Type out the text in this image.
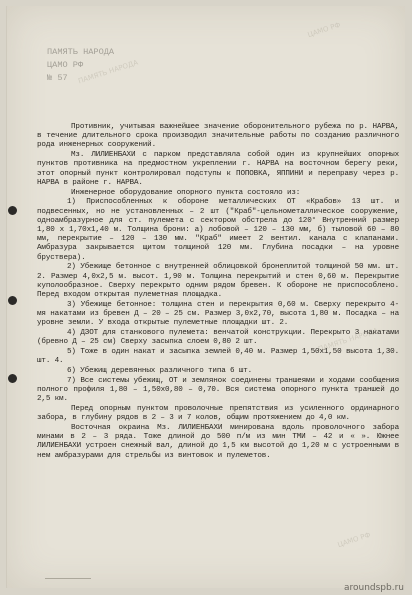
ПАМЯТЬ НАРОДА
ЦАМО РФ
№ 57	ПАМЯТЬ НАРОДА
ЦАМО РФ
ПАМЯТЬ НАРОДА
ЦАМО РФ

Противник, учитывая важнейшее значение оборонительного рубежа по р. НАРВА, в течение длительного срока производил значительные работы по созданию различного рода инженерных сооружений.

Мз. ЛИЛИЕНБАХИ с парком представляла собой один из крупнейших опорных пунктов противника на предмостном укреплении г. НАРВА на восточном берегу реки, этот опорный пункт контролировал подступы к ПОПОВКА, ЯППИНИ и переправу через р. НАРВА в районе г. НАРВА.

Инженерное оборудование опорного пункта состояло из:

1) Приспособленных к обороне металлических ОТ «Крабов» 13 шт. и подвесенных, но не установленных – 2 шт ("Краб"-цельнометаллическое сооружение, одноамбразурное для ст. пулемета с сектором обстрела до 120° Внутренний размер 1,80 х 1,70х1,40 м. Толщина брони: а) лобовой – 120 – 130 мм, б) тыловой 60 – 80 мм, перекрытие – 120 – 130 мм. "Краб" имеет 2 вентил. канала с клапанами. Амбразура закрывается щитом толщиной 120 мм. Глубина посадки – на уровне бруствера).

2) Убежище бетонное с внутренней облицовкой бронеплитой толщиной 50 мм. шт. 2. Размер 4,0х2,5 м. высот. 1,90 м. Толщина перекрытий и стен 0,60 м. Перекрытие куполообразное. Сверху перекрыто одним рядом бревен. К обороне не приспособлено. Перед входом открытая пулеметная площадка.

3) Убежище бетонное: толщина стен и перекрытия 0,60 м. Сверху перекрыто 4-мя накатами из бревен Д – 20 – 25 см. Размер 3,0х2,70, высота 1,80 м. Посадка – на уровне земли. У входа открытые пулеметные площадки шт. 2.

4) ДЗОТ для станкового пулемета: венчатой конструкции. Перекрыто 3 накатами (бревно Д – 25 см) Сверху засыпка слоем 0,80 2 шт.

5) Тоже в один накат и засыпка землей 0,40 м. Размер 1,50х1,50 высота 1,30. шт. 4.

6) Убежищ деревянных различного типа 6 шт.

7) Все системы убежищ, ОТ и землянок соединены траншеями и ходами сообщения полного профиля 1,80 – 1,50х0,80 – 0,70. Вся система опорного пункта траншей до 2,5 км.

Перед опорным пунктом проволочные препятствия из усиленного ординарного забора, в глубину рядов в 2 – 3 и 7 колов, общим протяжением до 4,0 км.

Восточная окраина Мз. ЛИЛИЕНБАХИ минирована вдоль проволочного забора минами в 2 – 3 ряда. Тоже длиной до 500 п/м из мин ТМИ – 42 и « ». Южнее ЛИЛИЕНБАХИ устроен снежный вал, длиной до 1,5 км высотой до 1,20 м с устроенными в нем амбразурами для стрельбы из винтовок и пулеметов.

aroundspb.ru
